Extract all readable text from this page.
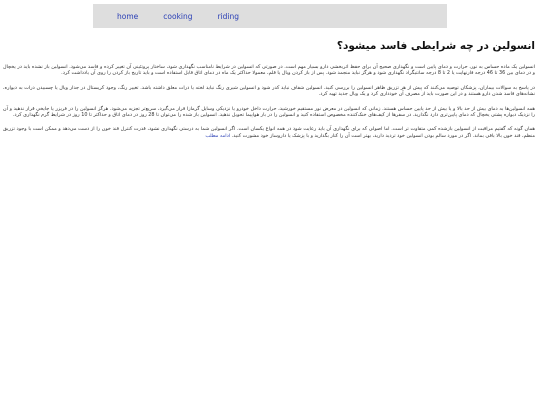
home	cooking	riding
انسولین در چه شرایطی فاسد میشود؟

انسولین یک ماده حساس به نور، حرارت و دمای پایین است و نگهداری صحیح آن برای حفظ اثربخشی دارو بسیار مهم است. در صورتی که انسولین در شرایط نامناسب نگهداری شود، ساختار پروتئینی آن تغییر کرده و فاسد می‌شود. انسولین باز نشده باید در یخچال و در دمای بین 36 تا 46 درجه فارنهایت یا 2 تا 8 درجه سانتیگراد نگهداری شود و هرگز نباید منجمد شود. پس از باز کردن ویال یا قلم، معمولا حداکثر یک ماه در دمای اتاق قابل استفاده است و باید تاریخ باز کردن را روی آن یادداشت کرد.

در پاسخ به سوالات بیماران، پزشکان توصیه می‌کنند که پیش از هر تزریق ظاهر انسولین را بررسی کنید. انسولین شفاف نباید کدر شود و انسولین شیری رنگ نباید لخته یا ذرات معلق داشته باشد. تغییر رنگ، وجود کریستال در جدار ویال یا چسبیدن ذرات به دیواره، نشانه‌های فاسد شدن دارو هستند و در این صورت باید از مصرف آن خودداری کرد و یک ویال جدید تهیه کرد.

همه انسولین‌ها به دمای بیش از حد بالا و یا بیش از حد پایین حساس هستند. زمانی که انسولین در معرض نور مستقیم خورشید، حرارت داخل خودرو یا نزدیکی وسایل گرمازا قرار می‌گیرد، سریع‌تر تجزیه می‌شود. هرگز انسولین را در فریزر یا جایخی قرار ندهید و آن را نزدیک دیواره پشتی یخچال که دمای پایین‌تری دارد نگذارید. در سفرها از کیف‌های خنک‌کننده مخصوص استفاده کنید و انسولین را در بار هواپیما تحویل ندهید. انسولین باز شده را می‌توان تا 28 روز در دمای اتاق و حداکثر تا 10 روز در شرایط گرم نگهداری کرد.

همان گونه که گفتیم مراقبت از انسولین بازشده کمی متفاوت تر است. اما اصولی که برای نگهداری آن باید رعایت شود در همه انواع یکسان است. اگر انسولین شما به درستی نگهداری نشود، قدرت کنترل قند خون را از دست می‌دهد و ممکن است با وجود تزریق منظم، قند خون بالا باقی بماند. اگر در مورد سالم بودن انسولین خود تردید دارید، بهتر است آن را کنار بگذارید و با پزشک یا داروساز خود مشورت کنید. ادامه مطلب
